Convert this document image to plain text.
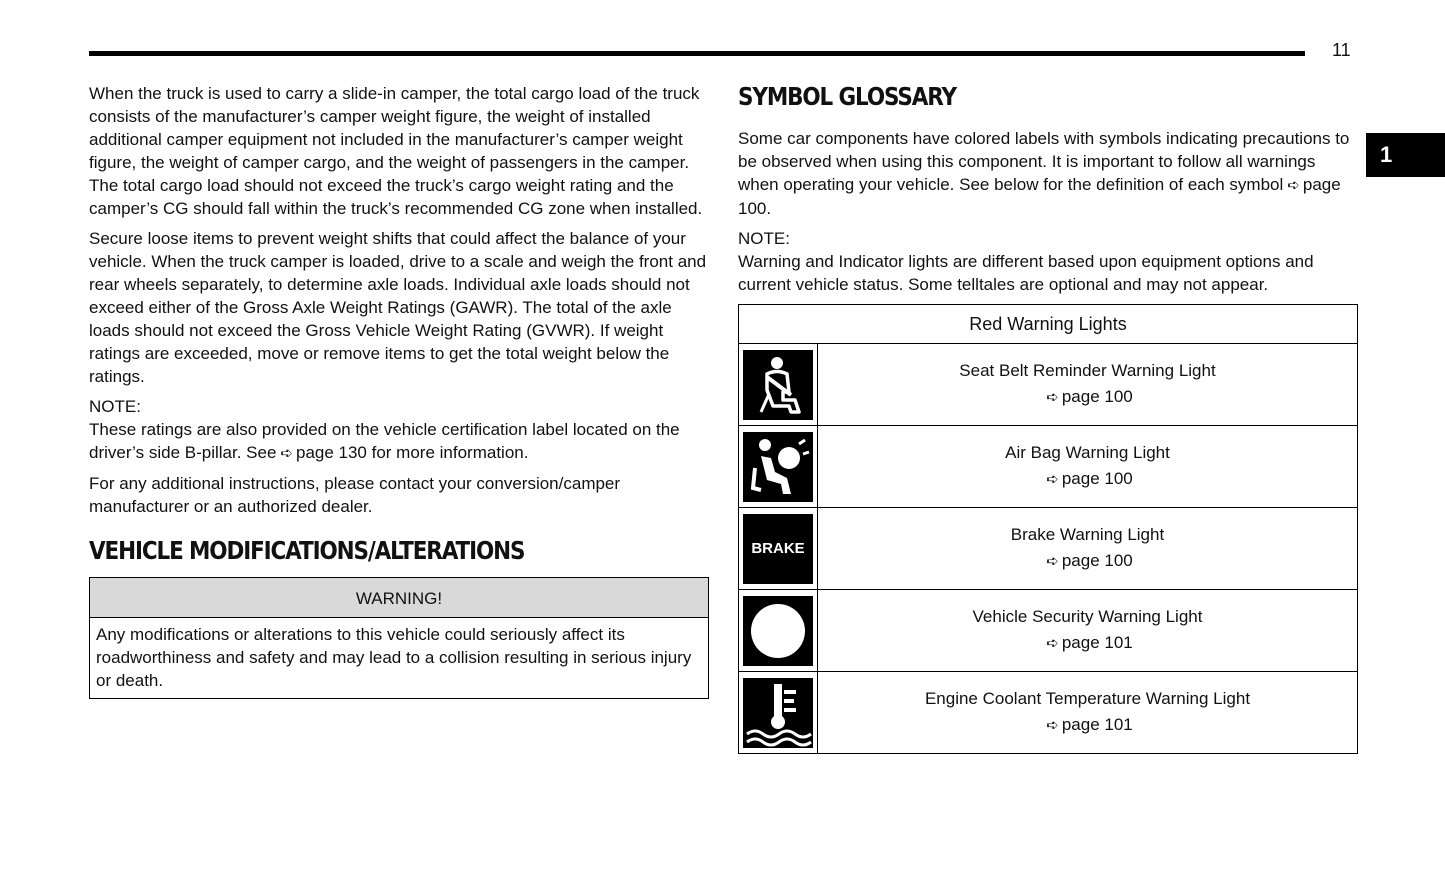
11
1

When the truck is used to carry a slide-in camper, the total cargo load of the truck consists of the manufacturer’s camper weight figure, the weight of installed additional camper equipment not included in the manufacturer’s camper weight figure, the weight of camper cargo, and the weight of passengers in the camper. The total cargo load should not exceed the truck’s cargo weight rating and the camper’s CG should fall within the truck’s recommended CG zone when installed.

Secure loose items to prevent weight shifts that could affect the balance of your vehicle. When the truck camper is loaded, drive to a scale and weigh the front and rear wheels separately, to determine axle loads. Individual axle loads should not exceed either of the Gross Axle Weight Ratings (GAWR). The total of the axle loads should not exceed the Gross Vehicle Weight Rating (GVWR). If weight ratings are exceeded, move or remove items to get the total weight below the ratings.

NOTE:

These ratings are also provided on the vehicle certification label located on the driver’s side B-pillar. See ➪ page 130 for more information.

For any additional instructions, please contact your conversion/camper manufacturer or an authorized dealer.

VEHICLE MODIFICATIONS/ALTERATIONS
WARNING!
Any modifications or alterations to this vehicle could seriously affect its roadworthiness and safety and may lead to a collision resulting in serious injury or death.
SYMBOL GLOSSARY

Some car components have colored labels with symbols indicating precautions to be observed when using this component. It is important to follow all warnings when operating your vehicle. See below for the definition of each symbol ➪ page 100.

NOTE:

Warning and Indicator lights are different based upon equipment options and current vehicle status. Some telltales are optional and may not appear.

Red Warning Lights	

Seat Belt Reminder Warning Light
➪ page 100

Air Bag Warning Light
➪ page 100

BRAKE	Brake Warning Light
➪ page 100

Vehicle Security Warning Light
➪ page 101

Engine Coolant Temperature Warning Light
➪ page 101
